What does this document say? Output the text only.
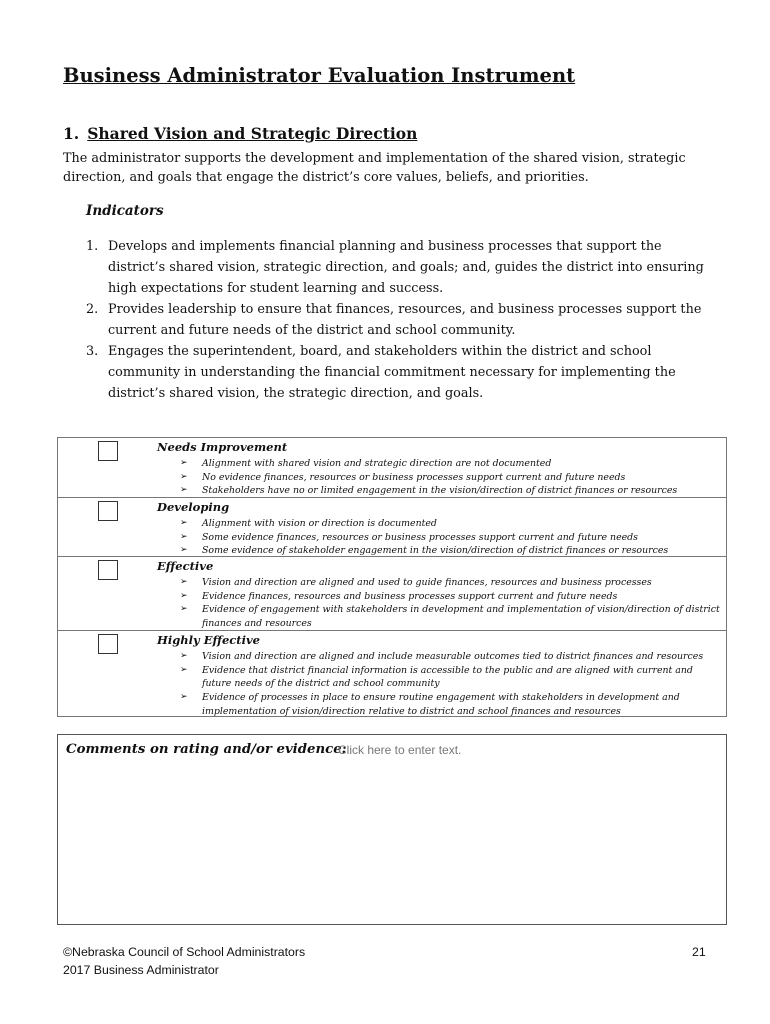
Business Administrator Evaluation Instrument
1. Shared Vision and Strategic Direction

The administrator supports the development and implementation of the shared vision, strategic direction, and goals that engage the district’s core values, beliefs, and priorities.

Indicators
1. Develops and implements financial planning and business processes that support the district’s shared vision, strategic direction, and goals; and, guides the district into ensuring high expectations for student learning and success.
2. Provides leadership to ensure that finances, resources, and business processes support the current and future needs of the district and school community.
3. Engages the superintendent, board, and stakeholders within the district and school community in understanding the financial commitment necessary for implementing the district’s shared vision, the strategic direction, and goals.
Needs Improvement
➢ Alignment with shared vision and strategic direction are not documented
➢ No evidence finances, resources or business processes support current and future needs
➢ Stakeholders have no or limited engagement in the vision/direction of district finances or resources
Developing
➢ Alignment with vision or direction is documented
➢ Some evidence finances, resources or business processes support current and future needs
➢ Some evidence of stakeholder engagement in the vision/direction of district finances or resources
Effective
➢ Vision and direction are aligned and used to guide finances, resources and business processes
➢ Evidence finances, resources and business processes support current and future needs
➢ Evidence of engagement with stakeholders in development and implementation of vision/direction of district finances and resources
Highly Effective
➢ Vision and direction are aligned and include measurable outcomes tied to district finances and resources
➢ Evidence that district financial information is accessible to the public and are aligned with current and future needs of the district and school community
➢ Evidence of processes in place to ensure routine engagement with stakeholders in development and implementation of vision/direction relative to district and school finances and resources
Comments on rating and/or evidence:
Click here to enter text.
©Nebraska Council of School Administrators
2017 Business Administrator
21
